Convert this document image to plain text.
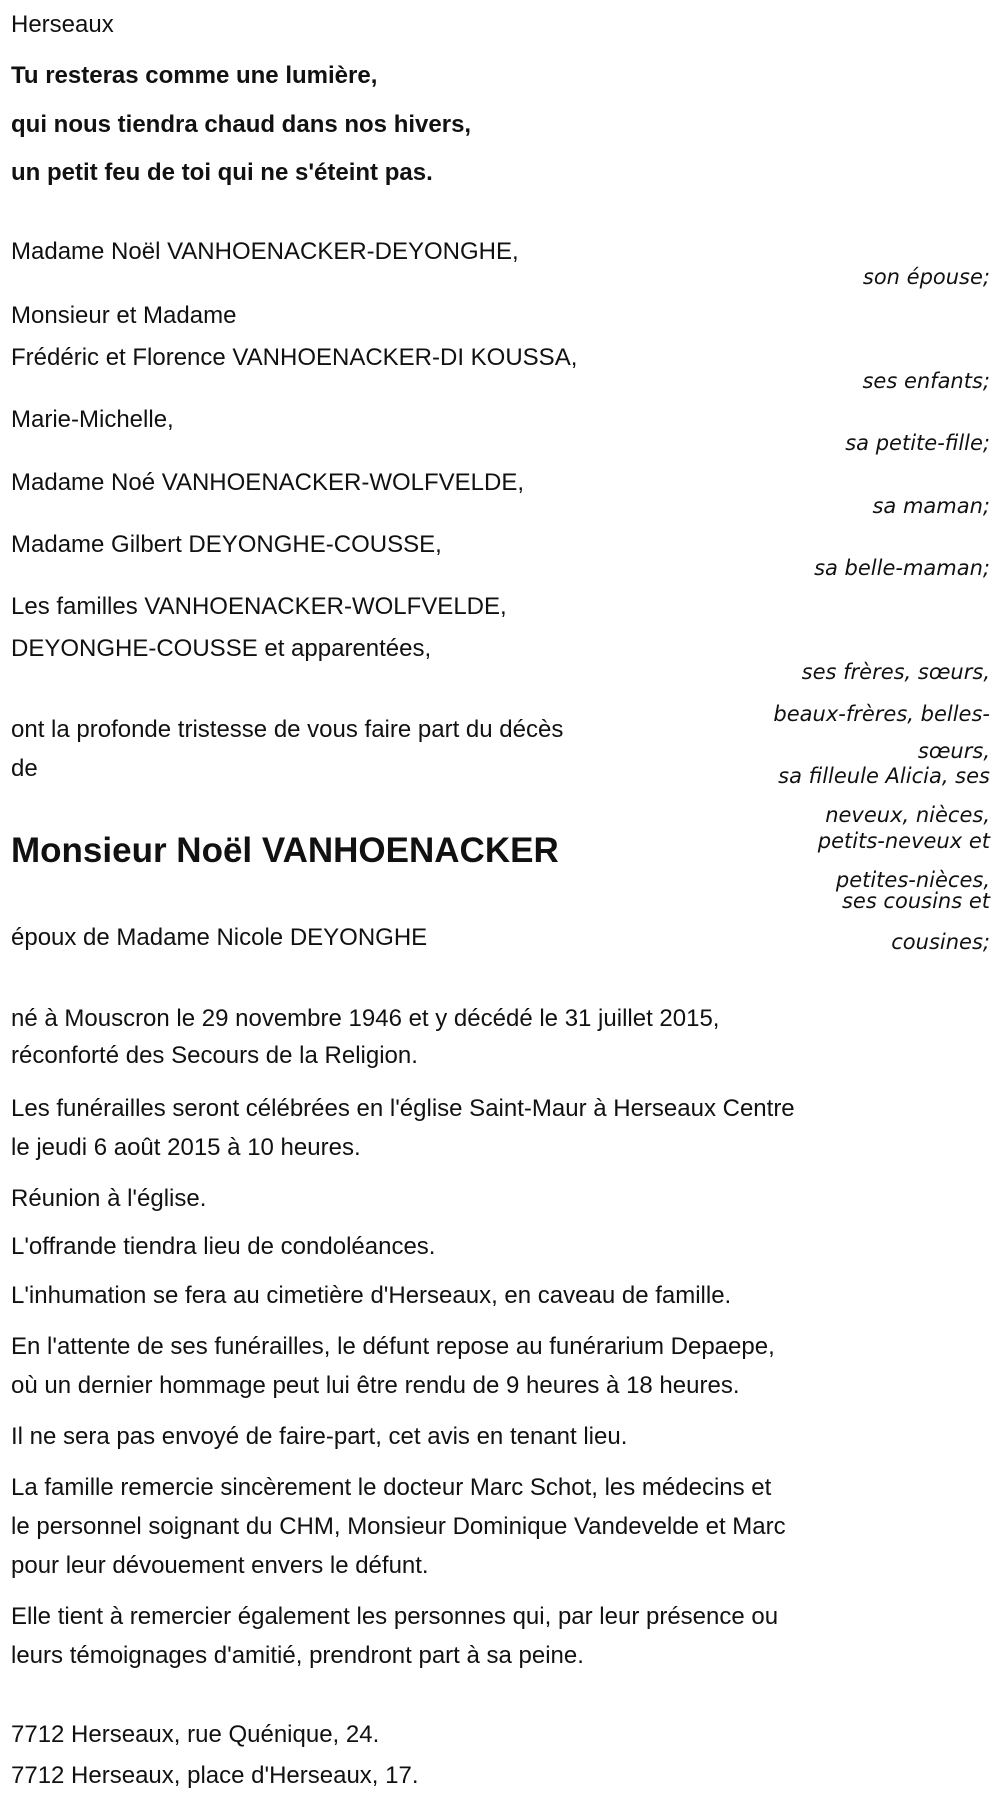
Herseaux
Tu resteras comme une lumière,
qui nous tiendra chaud dans nos hivers,
un petit feu de toi qui ne s'éteint pas.
Madame Noël VANHOENACKER-DEYONGHE,
son épouse;
Monsieur et Madame
Frédéric et Florence VANHOENACKER-DI KOUSSA,
ses enfants;
Marie-Michelle,
sa petite-fille;
Madame Noé VANHOENACKER-WOLFVELDE,
sa maman;
Madame Gilbert DEYONGHE-COUSSE,
sa belle-maman;
Les familles VANHOENACKER-WOLFVELDE,
DEYONGHE-COUSSE et apparentées,
ses frères, sœurs,
beaux-frères, belles-
sœurs,
sa filleule Alicia, ses
neveux, nièces,
petits-neveux et
petites-nièces,
ses cousins et
cousines;
ont la profonde tristesse de vous faire part du décès
de
Monsieur Noël VANHOENACKER
époux de Madame Nicole DEYONGHE
né à Mouscron le 29 novembre 1946 et y décédé le 31 juillet 2015,
réconforté des Secours de la Religion.
Les funérailles seront célébrées en l'église Saint-Maur à Herseaux Centre
le jeudi 6 août 2015 à 10 heures.
Réunion à l'église.
L'offrande tiendra lieu de condoléances.
L'inhumation se fera au cimetière d'Herseaux, en caveau de famille.
En l'attente de ses funérailles, le défunt repose au funérarium Depaepe,
où un dernier hommage peut lui être rendu de 9 heures à 18 heures.
Il ne sera pas envoyé de faire-part, cet avis en tenant lieu.
La famille remercie sincèrement le docteur Marc Schot, les médecins et
le personnel soignant du CHM, Monsieur Dominique Vandevelde et Marc
pour leur dévouement envers le défunt.
Elle tient à remercier également les personnes qui, par leur présence ou
leurs témoignages d'amitié, prendront part à sa peine.
7712 Herseaux, rue Quénique, 24.
7712 Herseaux, place d'Herseaux, 17.
